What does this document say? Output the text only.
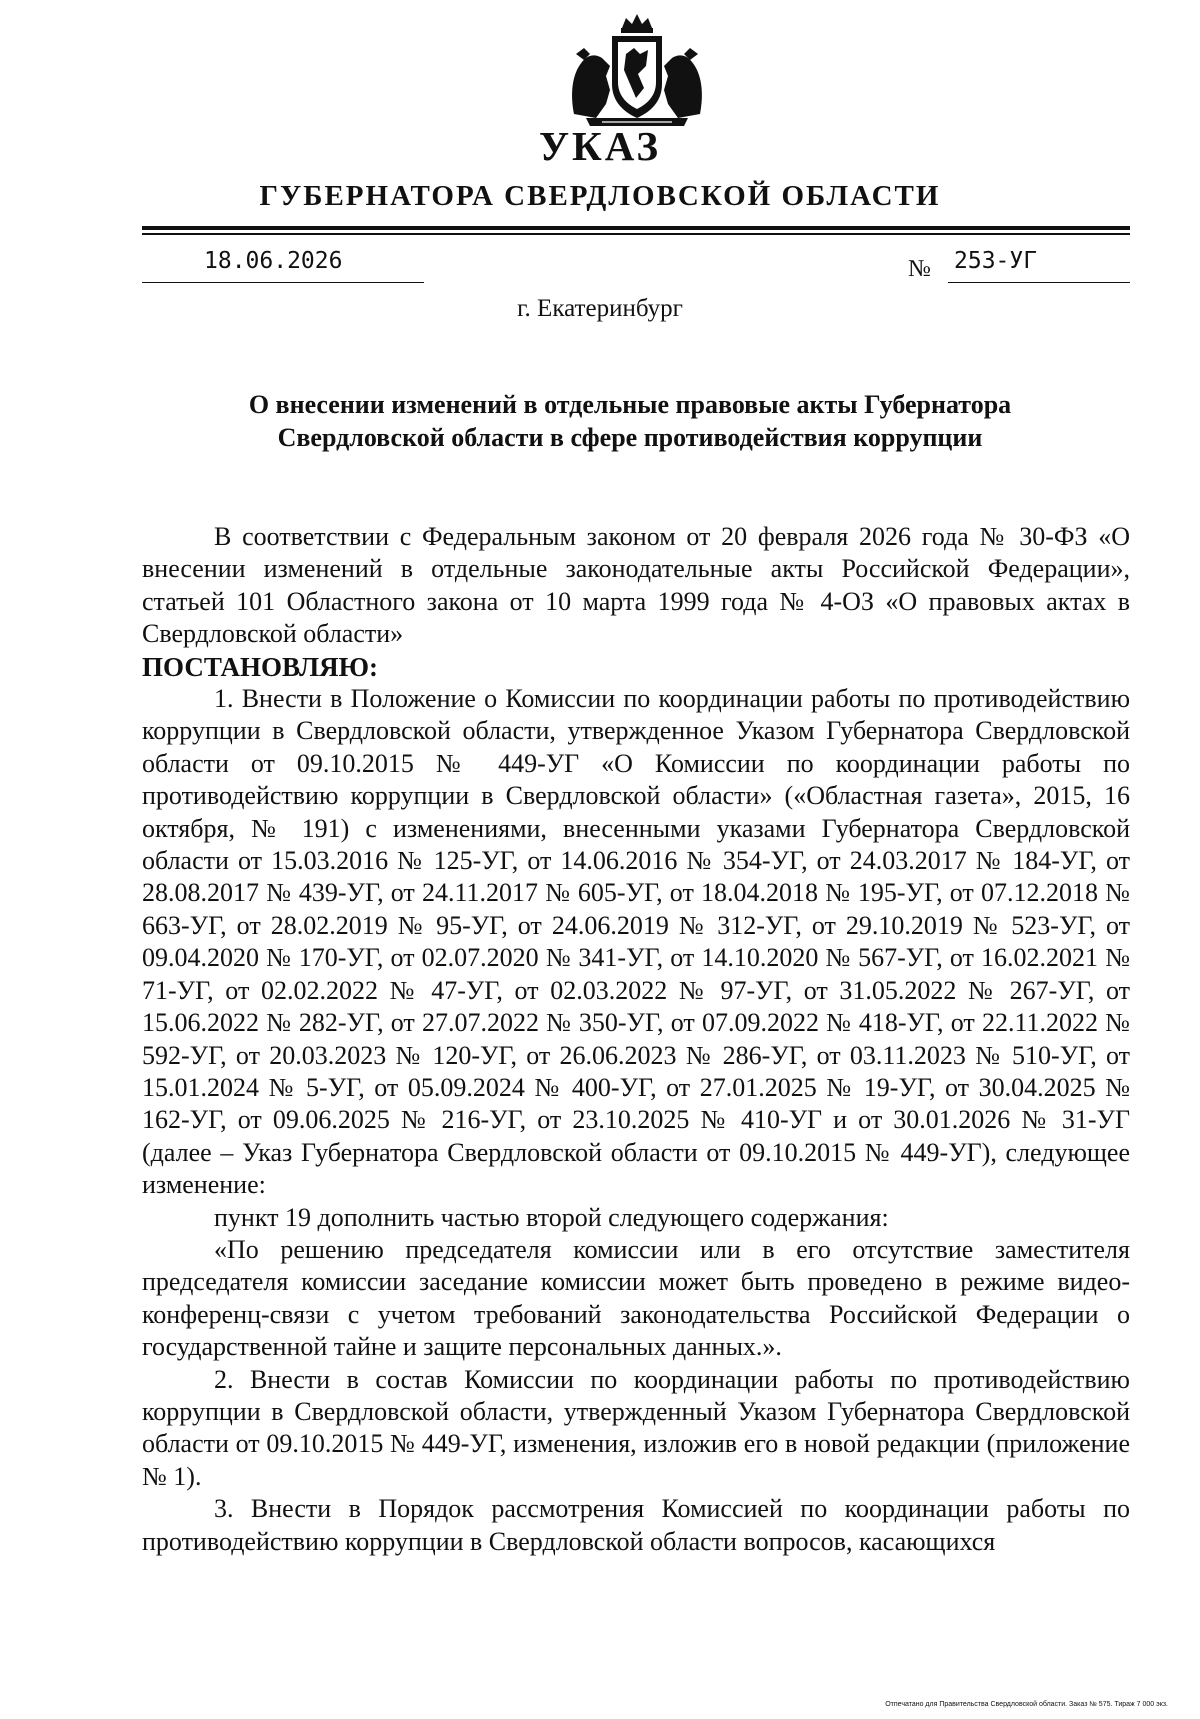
УКАЗ
ГУБЕРНАТОРА СВЕРДЛОВСКОЙ ОБЛАСТИ
18.06.2026	№ 253-УГ
г. Екатеринбург
О внесении изменений в отдельные правовые акты Губернатора
Свердловской области в сфере противодействия коррупции

В соответствии с Федеральным законом от 20 февраля 2026 года № 30-ФЗ «О внесении изменений в отдельные законодательные акты Российской Федерации», статьей 101 Областного закона от 10 марта 1999 года № 4-ОЗ «О правовых актах в Свердловской области»

ПОСТАНОВЛЯЮ:

1. Внести в Положение о Комиссии по координации работы по противодействию коррупции в Свердловской области, утвержденное Указом Губернатора Свердловской области от 09.10.2015 № 449-УГ «О Комиссии по координации работы по противодействию коррупции в Свердловской области» («Областная газета», 2015, 16 октября, № 191) с изменениями, внесенными указами Губернатора Свердловской области от 15.03.2016 № 125-УГ, от 14.06.2016 № 354-УГ, от 24.03.2017 № 184-УГ, от 28.08.2017 № 439-УГ, от 24.11.2017 № 605-УГ, от 18.04.2018 № 195-УГ, от 07.12.2018 № 663-УГ, от 28.02.2019 № 95-УГ, от 24.06.2019 № 312-УГ, от 29.10.2019 № 523-УГ, от 09.04.2020 № 170-УГ, от 02.07.2020 № 341-УГ, от 14.10.2020 № 567-УГ, от 16.02.2021 № 71-УГ, от 02.02.2022 № 47-УГ, от 02.03.2022 № 97-УГ, от 31.05.2022 № 267-УГ, от 15.06.2022 № 282-УГ, от 27.07.2022 № 350-УГ, от 07.09.2022 № 418-УГ, от 22.11.2022 № 592-УГ, от 20.03.2023 № 120-УГ, от 26.06.2023 № 286-УГ, от 03.11.2023 № 510-УГ, от 15.01.2024 № 5-УГ, от 05.09.2024 № 400-УГ, от 27.01.2025 № 19-УГ, от 30.04.2025 № 162-УГ, от 09.06.2025 № 216-УГ, от 23.10.2025 № 410-УГ и от 30.01.2026 № 31-УГ (далее – Указ Губернатора Свердловской области от 09.10.2015 № 449-УГ), следующее изменение:

пункт 19 дополнить частью второй следующего содержания:

«По решению председателя комиссии или в его отсутствие заместителя председателя комиссии заседание комиссии может быть проведено в режиме видео-конференц-связи с учетом требований законодательства Российской Федерации о государственной тайне и защите персональных данных.».

2. Внести в состав Комиссии по координации работы по противодействию коррупции в Свердловской области, утвержденный Указом Губернатора Свердловской области от 09.10.2015 № 449-УГ, изменения, изложив его в новой редакции (приложение № 1).

3. Внести в Порядок рассмотрения Комиссией по координации работы по противодействию коррупции в Свердловской области вопросов, касающихся

Отпечатано для Правительства Свердловской области. Заказ № 575. Тираж 7 000 экз.
